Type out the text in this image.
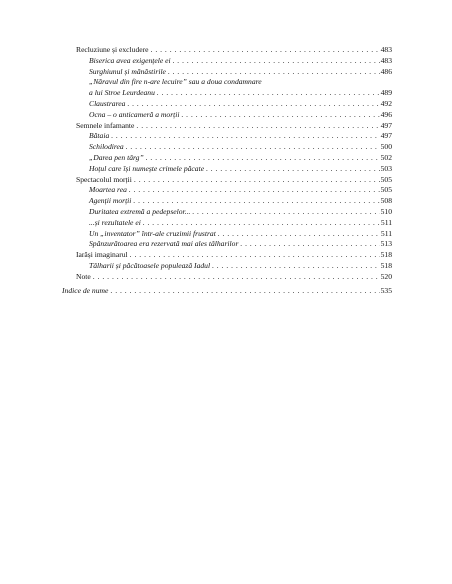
Recluziune și excludere . . .	483
Biserica avea exigențele ei . . .	483
Surghiunul și mănăstirile . . .	486
„Năravul din fire n-are lecuire” sau a doua condamnare
a lui Stroe Leurdeanu . . .	489
Claustrarea . . .	492
Ocna – o anticameră a morții . . .	496
Semnele infamante . . .	497
Bătaia . . .	497
Schilodirea . . .	500
„Darea pen târg” . . .	502
Hoțul care își numește crimele păcate . . .	503
Spectacolul morții . . .	505
Moartea rea . . .	505
Agenții morții . . .	508
Duritatea extremă a pedepselor... . . .	510
...și rezultatele ei . . .	511
Un „inventator” într-ale cruzimii frustrat . . .	511
Spânzurătoarea era rezervată mai ales tâlharilor . . .	513
Iarăși imaginarul . . .	518
Tâlharii și păcătoasele populează Iadul . . .	518
Note . . .	520
Indice de nume . . .	535
